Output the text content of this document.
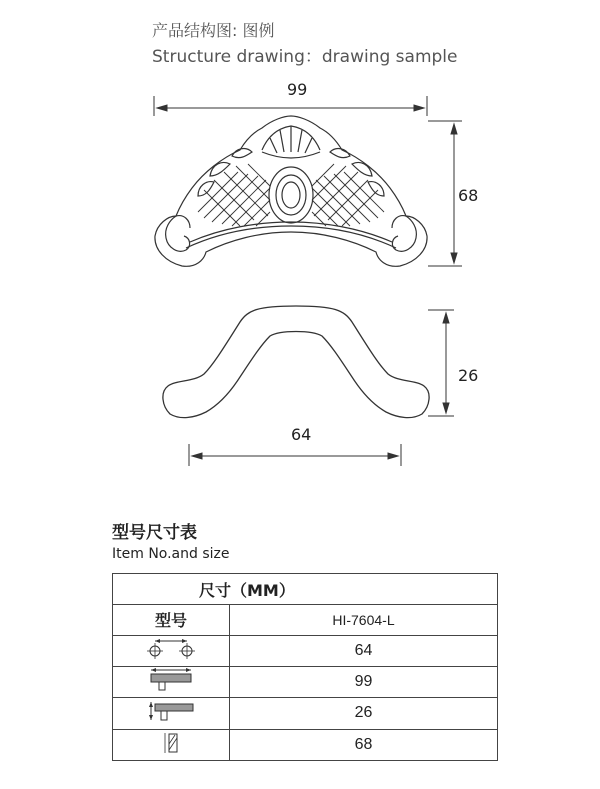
产品结构图: 图例
Structure drawing：drawing sample
99
68
26
64
型号尺寸表
Item No.and size
尺寸（MM）	
型号	HI-7604-L
	64
	99
	26
	68
